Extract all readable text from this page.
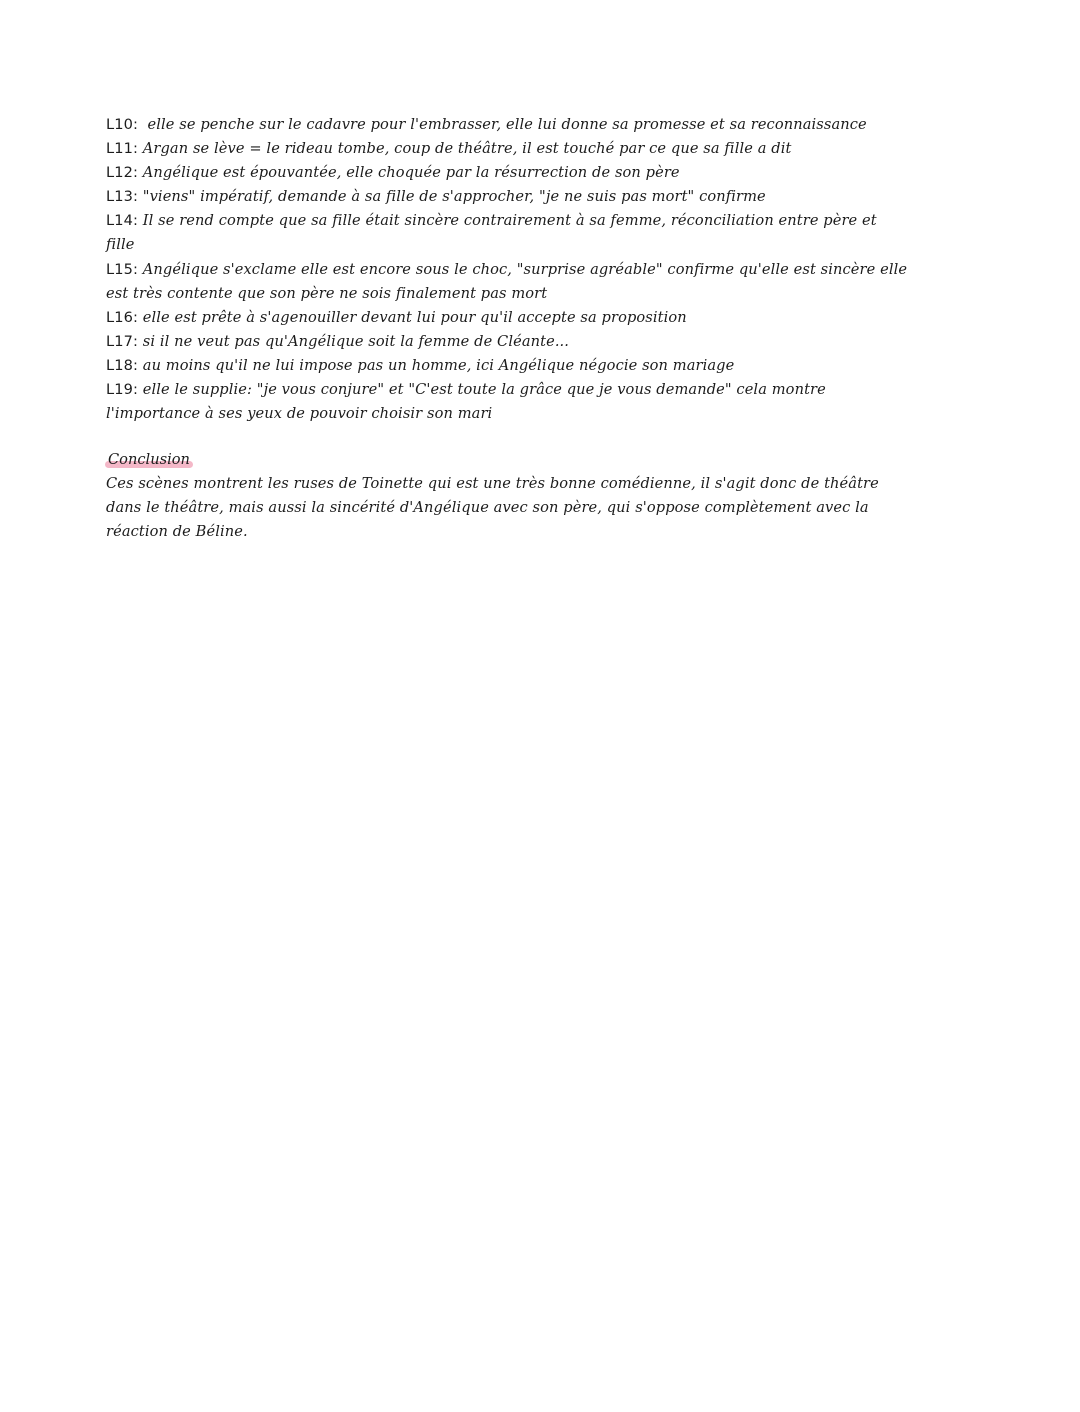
L10:  elle se penche sur le cadavre pour l'embrasser, elle lui donne sa promesse et sa reconnaissance
L11: Argan se lève = le rideau tombe, coup de théâtre, il est touché par ce que sa fille a dit
L12: Angélique est épouvantée, elle choquée par la résurrection de son père
L13: "viens" impératif, demande à sa fille de s'approcher, "je ne suis pas mort" confirme
L14: Il se rend compte que sa fille était sincère contrairement à sa femme, réconciliation entre père et
fille
L15: Angélique s'exclame elle est encore sous le choc, "surprise agréable" confirme qu'elle est sincère elle
est très contente que son père ne sois finalement pas mort
L16: elle est prête à s'agenouiller devant lui pour qu'il accepte sa proposition
L17: si il ne veut pas qu'Angélique soit la femme de Cléante...
L18: au moins qu'il ne lui impose pas un homme, ici Angélique négocie son mariage
L19: elle le supplie: "je vous conjure" et "C'est toute la grâce que je vous demande" cela montre
l'importance à ses yeux de pouvoir choisir son mari
Conclusion
Ces scènes montrent les ruses de Toinette qui est une très bonne comédienne, il s'agit donc de théâtre
dans le théâtre, mais aussi la sincérité d'Angélique avec son père, qui s'oppose complètement avec la
réaction de Béline.
